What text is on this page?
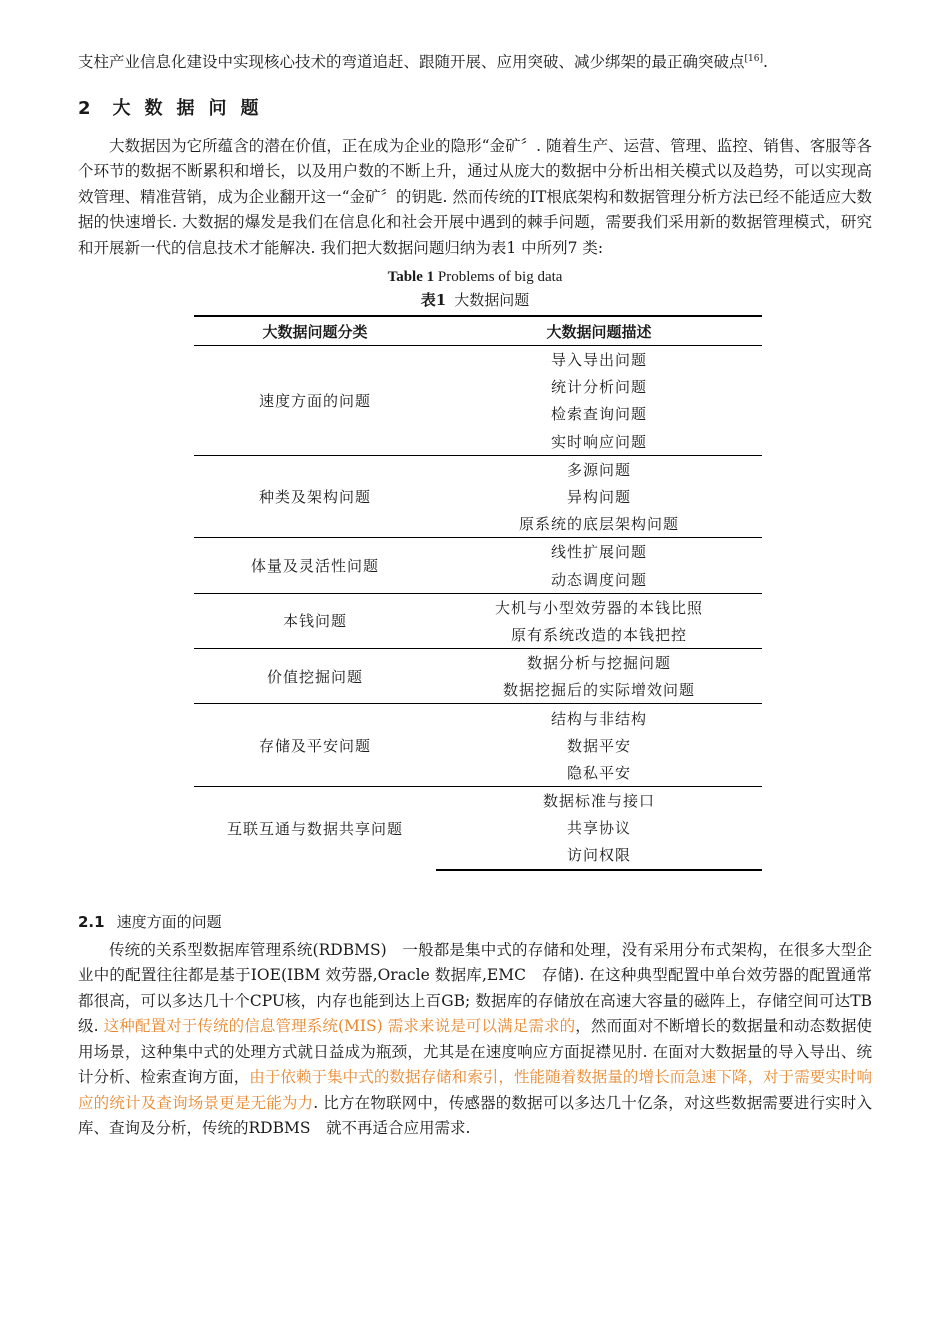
支柱产业信息化建设中实现核心技术的弯道追赶、跟随开展、应用突破、减少绑架的最正确突破点[16].

2 大数据问题

大数据因为它所蕴含的潜在价值，正在成为企业的隐形“金矿〞. 随着生产、运营、管理、监控、销售、客服等各个环节的数据不断累积和增长，以及用户数的不断上升，通过从庞大的数据中分析出相关模式以及趋势，可以实现高效管理、精准营销，成为企业翻开这一“金矿〞的钥匙. 然而传统的IT根底架构和数据管理分析方法已经不能适应大数据的快速增长. 大数据的爆发是我们在信息化和社会开展中遇到的棘手问题，需要我们采用新的数据管理模式，研究和开展新一代的信息技术才能解决. 我们把大数据问题归纳为表1 中所列7 类:

Table 1 Problems of big data
表1 大数据问题
大数据问题分类	大数据问题描述
速度方面的问题	导入导出问题
	统计分析问题
	检索查询问题
	实时响应问题
种类及架构问题	多源问题
	异构问题
	原系统的底层架构问题
体量及灵活性问题	线性扩展问题
	动态调度问题
本钱问题	大机与小型效劳器的本钱比照
	原有系统改造的本钱把控
价值挖掘问题	数据分析与挖掘问题
	数据挖掘后的实际增效问题
存储及平安问题	结构与非结构
	数据平安
	隐私平安
互联互通与数据共享问题	数据标准与接口
	共享协议
	访问权限
2.1 速度方面的问题

传统的关系型数据库管理系统(RDBMS)　一般都是集中式的存储和处理，没有采用分布式架构，在很多大型企业中的配置往往都是基于IOE(IBM 效劳器,Oracle 数据库,EMC　存储). 在这种典型配置中单台效劳器的配置通常都很高，可以多达几十个CPU核，内存也能到达上百GB; 数据库的存储放在高速大容量的磁阵上，存储空间可达TB　级. 这种配置对于传统的信息管理系统(MIS) 需求来说是可以满足需求的，然而面对不断增长的数据量和动态数据使用场景，这种集中式的处理方式就日益成为瓶颈，尤其是在速度响应方面捉襟见肘. 在面对大数据量的导入导出、统计分析、检索查询方面，由于依赖于集中式的数据存储和索引，性能随着数据量的增长而急速下降，对于需要实时响应的统计及查询场景更是无能为力. 比方在物联网中，传感器的数据可以多达几十亿条，对这些数据需要进行实时入库、查询及分析，传统的RDBMS　就不再适合应用需求.
